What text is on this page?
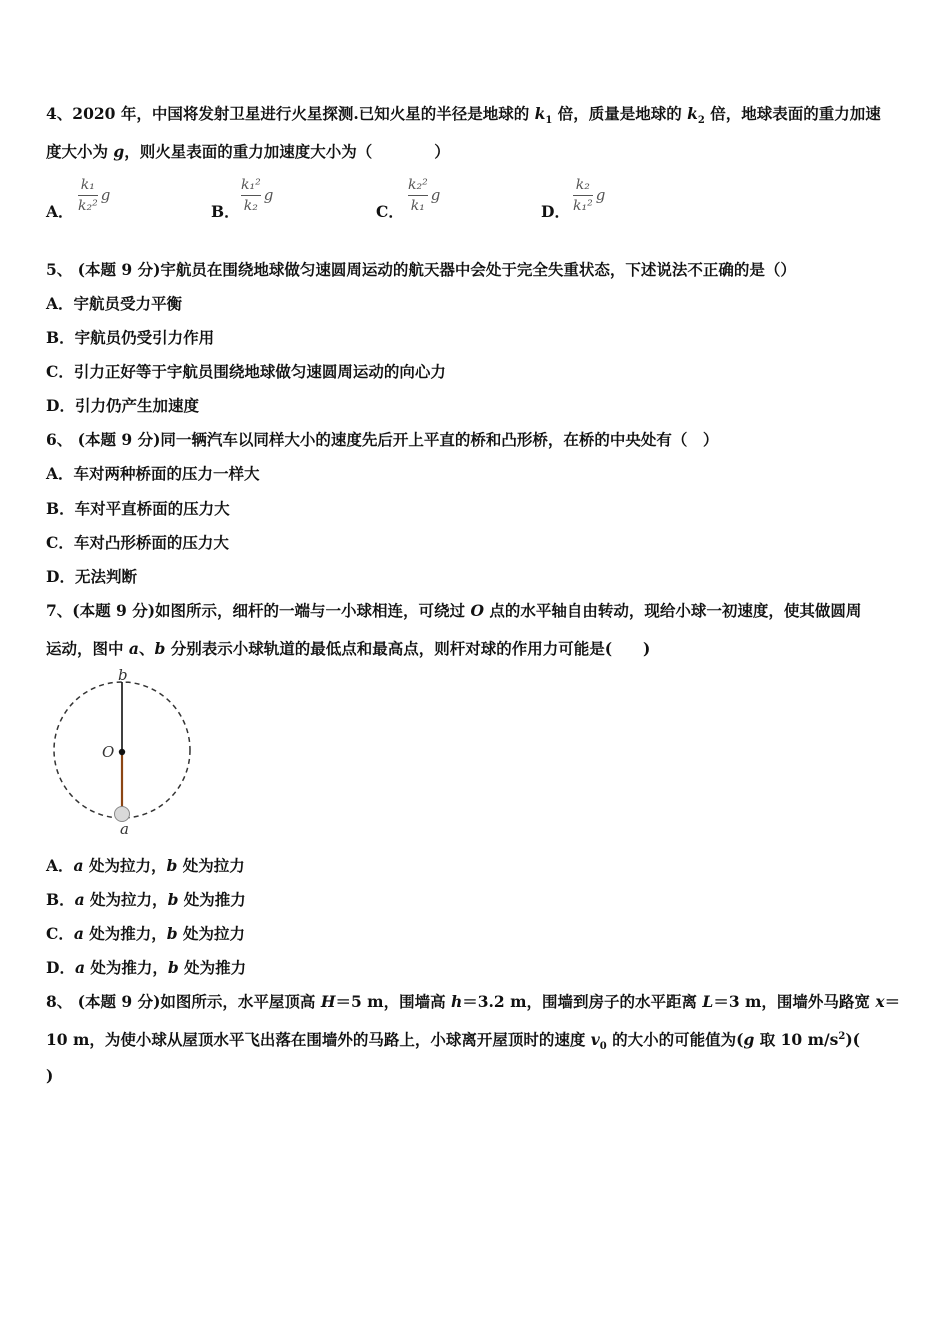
4、2020 年，中国将发射卫星进行火星探测.已知火星的半径是地球的 $k_1$ 倍，质量是地球的 $k_2$ 倍，地球表面的重力加速
度大小为 g，则火星表面的重力加速度大小为（　　　　）
A．
k₁
k₂²
g
B．
k₁²
k₂
g
C．
k₂²
k₁
g
D．
k₂
k₁²
g
5、 (本题 9 分)宇航员在围绕地球做匀速圆周运动的航天器中会处于完全失重状态，下述说法不正确的是（）
A．宇航员受力平衡
B．宇航员仍受引力作用
C．引力正好等于宇航员围绕地球做匀速圆周运动的向心力
D．引力仍产生加速度
6、 (本题 9 分)同一辆汽车以同样大小的速度先后开上平直的桥和凸形桥，在桥的中央处有（　）
A．车对两种桥面的压力一样大
B．车对平直桥面的压力大
C．车对凸形桥面的压力大
D．无法判断
7、(本题 9 分)如图所示，细杆的一端与一小球相连，可绕过 O 点的水平轴自由转动，现给小球一初速度，使其做圆周
运动，图中 a、b 分别表示小球轨道的最低点和最高点，则杆对球的作用力可能是(　　)
b
O
a
A．a 处为拉力，b 处为拉力
B．a 处为拉力，b 处为推力
C．a 处为推力，b 处为拉力
D．a 处为推力，b 处为推力
8、 (本题 9 分)如图所示，水平屋顶高 H＝5 m，围墙高 h＝3.2 m，围墙到房子的水平距离 L＝3 m，围墙外马路宽 x＝
10 m，为使小球从屋顶水平飞出落在围墙外的马路上，小球离开屋顶时的速度 $v_0$ 的大小的可能值为(g 取 10 $m/s^2$)(
)
